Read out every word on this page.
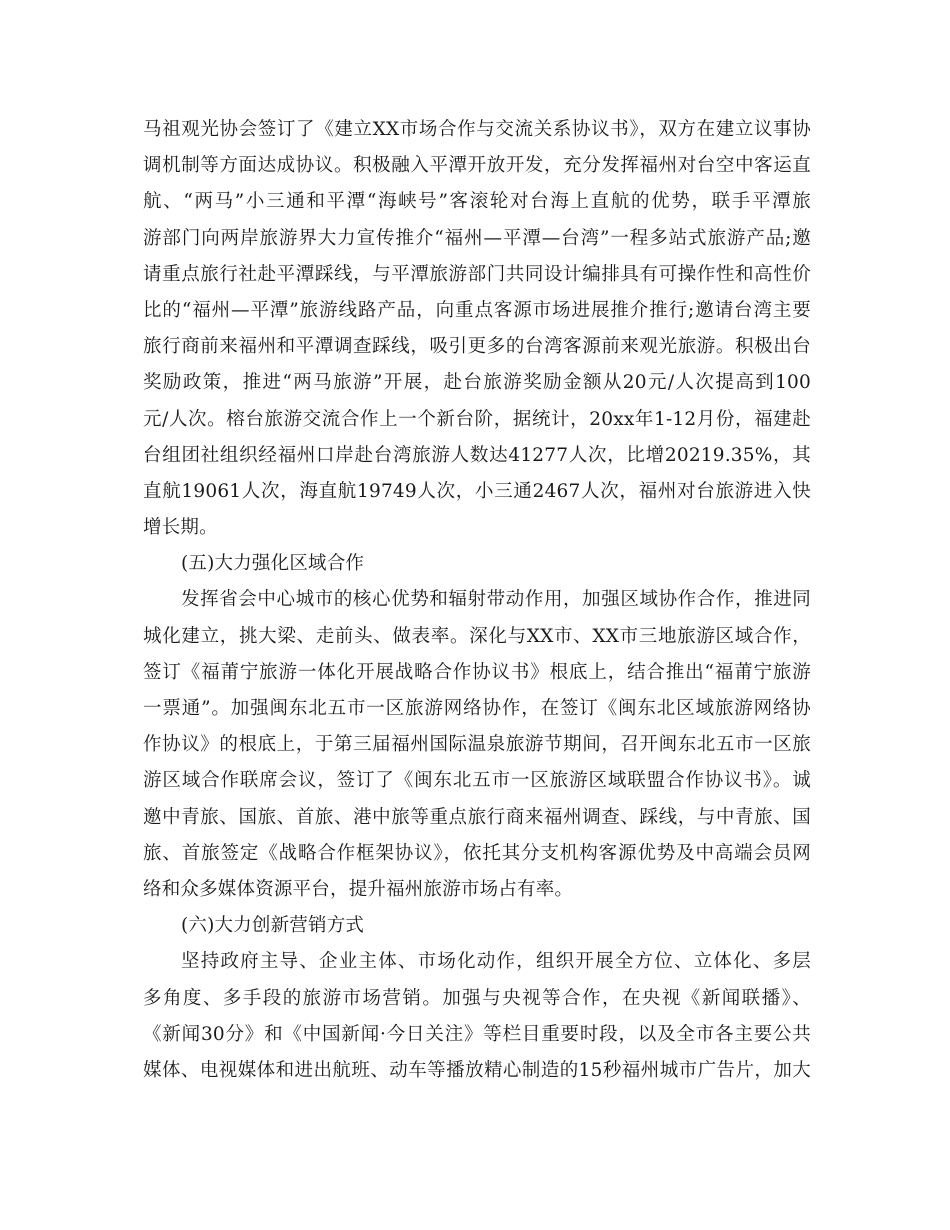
马祖观光协会签订了《建立XX市场合作与交流关系协议书》，双方在建立议事协
调机制等方面达成协议。积极融入平潭开放开发，充分发挥福州对台空中客运直
航、“两马”小三通和平潭“海峡号”客滚轮对台海上直航的优势，联手平潭旅
游部门向两岸旅游界大力宣传推介“福州—平潭—台湾”一程多站式旅游产品;邀
请重点旅行社赴平潭踩线，与平潭旅游部门共同设计编排具有可操作性和高性价
比的“福州—平潭”旅游线路产品，向重点客源市场进展推介推行;邀请台湾主要
旅行商前来福州和平潭调查踩线，吸引更多的台湾客源前来观光旅游。积极出台
奖励政策，推进“两马旅游”开展，赴台旅游奖励金额从20元/人次提高到100
元/人次。榕台旅游交流合作上一个新台阶，据统计，20xx年1-12月份，福建赴
台组团社组织经福州口岸赴台湾旅游人数达41277人次，比增20219.35%，其
直航19061人次，海直航19749人次，小三通2467人次，福州对台旅游进入快
增长期。
(五)大力强化区域合作
发挥省会中心城市的核心优势和辐射带动作用，加强区域协作合作，推进同
城化建立，挑大梁、走前头、做表率。深化与XX市、XX市三地旅游区域合作，
签订《福莆宁旅游一体化开展战略合作协议书》根底上，结合推出“福莆宁旅游
一票通”。加强闽东北五市一区旅游网络协作，在签订《闽东北区域旅游网络协
作协议》的根底上，于第三届福州国际温泉旅游节期间，召开闽东北五市一区旅
游区域合作联席会议，签订了《闽东北五市一区旅游区域联盟合作协议书》。诚
邀中青旅、国旅、首旅、港中旅等重点旅行商来福州调查、踩线，与中青旅、国
旅、首旅签定《战略合作框架协议》，依托其分支机构客源优势及中高端会员网
络和众多媒体资源平台，提升福州旅游市场占有率。
(六)大力创新营销方式
坚持政府主导、企业主体、市场化动作，组织开展全方位、立体化、多层
多角度、多手段的旅游市场营销。加强与央视等合作，在央视《新闻联播》、
《新闻30分》和《中国新闻·今日关注》等栏目重要时段，以及全市各主要公共
媒体、电视媒体和进出航班、动车等播放精心制造的15秒福州城市广告片，加大
